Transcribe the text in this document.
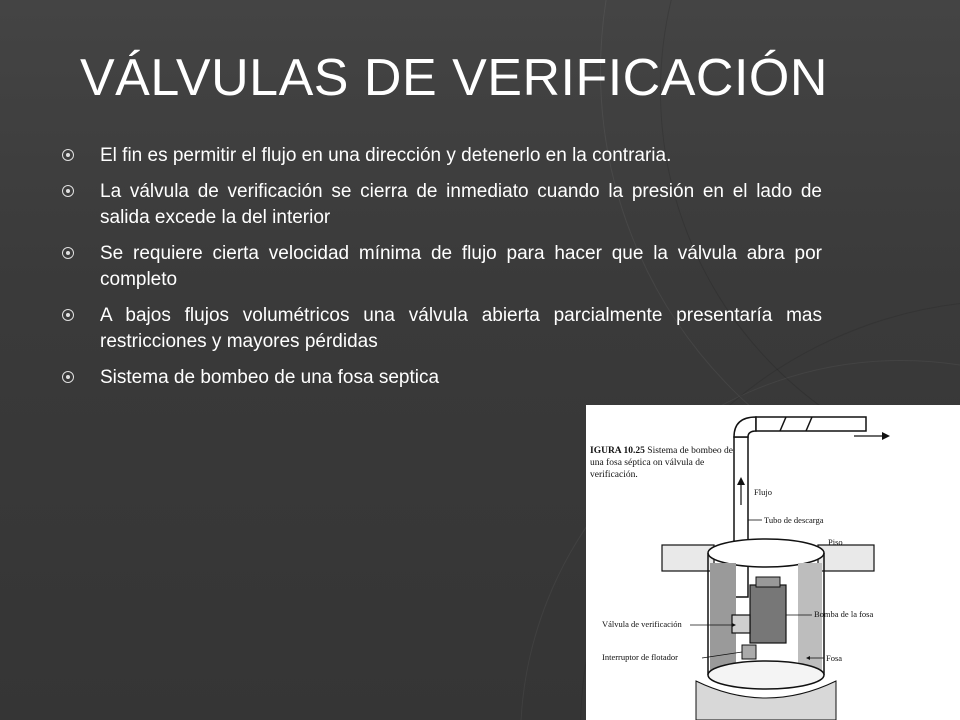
VÁLVULAS DE VERIFICACIÓN
El fin es permitir el flujo en una dirección y detenerlo en la contraria.
La válvula de verificación se cierra de inmediato cuando la presión en el lado de salida excede la del interior
Se requiere cierta velocidad mínima de flujo para hacer que la válvula abra por completo
A bajos flujos volumétricos una válvula abierta parcialmente presentaría mas restricciones y mayores pérdidas
Sistema de bombeo de una fosa septica
IGURA 10.25 Sistema de bombeo de una fosa séptica on válvula de verificación.
Flujo
Tubo de descarga
Piso
Válvula de verificación
Bomba de la fosa
Interruptor de flotador	Fosa
